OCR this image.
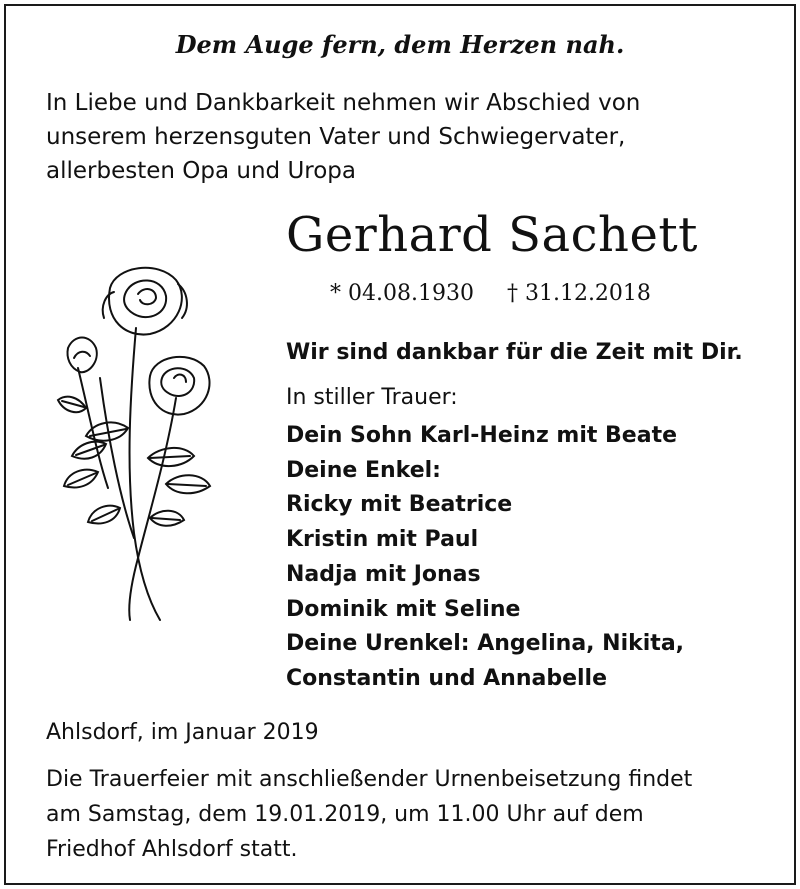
Dem Auge fern, dem Herzen nah.
In Liebe und Dankbarkeit nehmen wir Abschied von
unserem herzensguten Vater und Schwiegervater,
allerbesten Opa und Uropa
Gerhard Sachett
* 04.08.1930 † 31.12.2018
Wir sind dankbar für die Zeit mit Dir.
In stiller Trauer:
Dein Sohn Karl-Heinz mit Beate
Deine Enkel:
Ricky mit Beatrice
Kristin mit Paul
Nadja mit Jonas
Dominik mit Seline
Deine Urenkel: Angelina, Nikita,
Constantin und Annabelle
Ahlsdorf, im Januar 2019
Die Trauerfeier mit anschließender Urnenbeisetzung findet
am Samstag, dem 19.01.2019, um 11.00 Uhr auf dem
Friedhof Ahlsdorf statt.
